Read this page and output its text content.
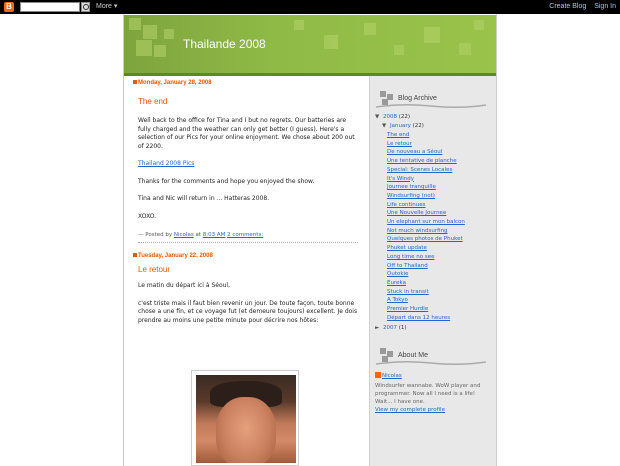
B	More ▾	Create Blog Sign In
Thailande 2008
Monday, January 28, 2008
The end

Well back to the office for Tina and I but no regrets. Our batteries are fully charged and the weather can only get better (I guess). Here's a selection of our Pics for your online enjoyment. We chose about 200 out of 2200.

Thailand 2008 Pics

Thanks for the comments and hope you enjoyed the show.

Tina and Nic will return in ... Hatteras 2008.

XOXO.

— Posted by Nicolas at 8:03 AM 2 comments:
Tuesday, January 22, 2008
Le retour

Le matin du départ ici à Séoul,

c'est triste mais il faut bien revenir un jour. De toute façon, toute bonne chose a une fin, et ce voyage fut (et demeure toujours) excellent. Je dois prendre au moins une petite minute pour décrire nos hôtes:

Blog Archive
▼ 2008 (22)
▼ January (22)
The end
Le retour
De nouveau a Séoul
Une tentative de planche
Special: Scenes Locales
It's Windy
Journee tranquille
Windsurfing (not)
Life continues
Une Nouvelle Journee
Un elephant sur mon balcon
Not much windsurfing
Quelques photos de Phuket
Phuket update
Long time no see
Off to Thailand
Outokie
Eureka
Stuck in transit
A Tokyo
Premier Hurdle
Départ dans 12 heures
► 2007 (1)
About Me
Nicolas
Windsurfer wannabe. WoW player and programmer. Now all I need is a life! Wait... I have one.
View my complete profile
